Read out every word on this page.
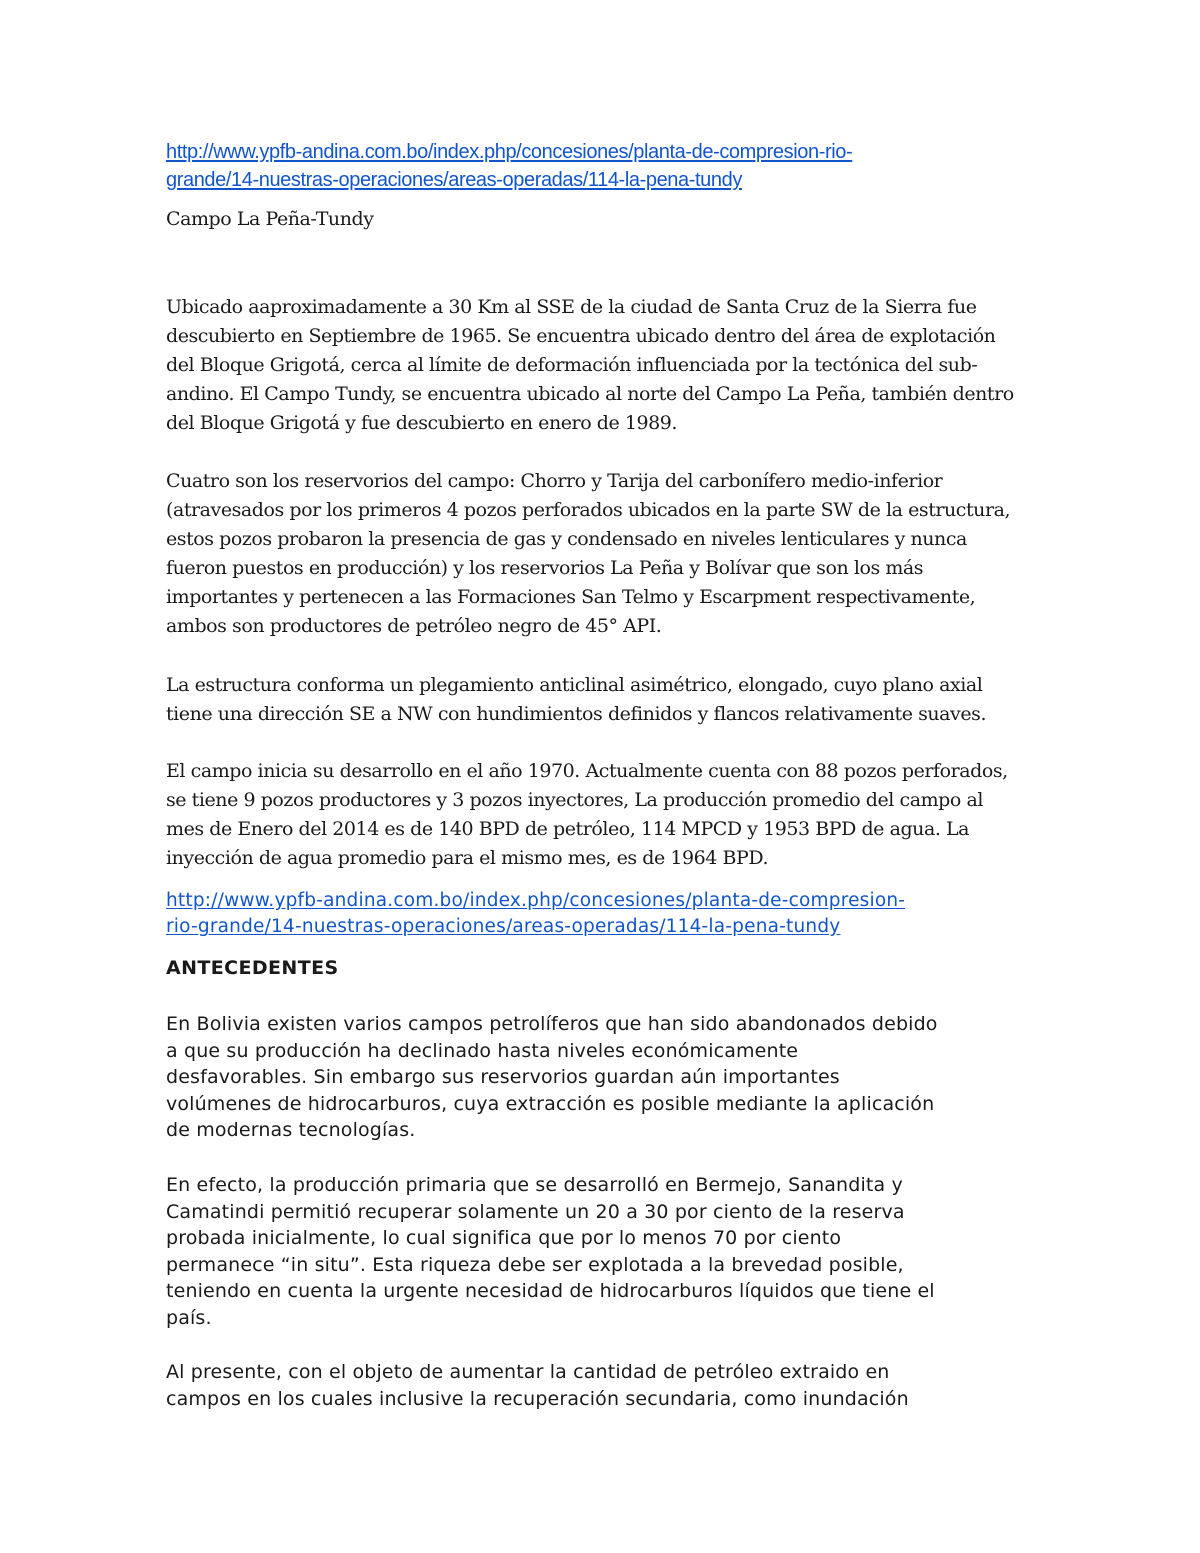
http://www.ypfb-andina.com.bo/index.php/concesiones/planta-de-compresion-rio-
grande/14-nuestras-operaciones/areas-operadas/114-la-pena-tundy
Campo La Peña-Tundy
Ubicado aaproximadamente a 30 Km al SSE de la ciudad de Santa Cruz de la Sierra fue
descubierto en Septiembre de 1965. Se encuentra ubicado dentro del área de explotación
del Bloque Grigotá, cerca al límite de deformación influenciada por la tectónica del sub-
andino. El Campo Tundy, se encuentra ubicado al norte del Campo La Peña, también dentro
del Bloque Grigotá y fue descubierto en enero de 1989.
Cuatro son los reservorios del campo: Chorro y Tarija del carbonífero medio-inferior
(atravesados por los primeros 4 pozos perforados ubicados en la parte SW de la estructura,
estos pozos probaron la presencia de gas y condensado en niveles lenticulares y nunca
fueron puestos en producción) y los reservorios La Peña y Bolívar que son los más
importantes y pertenecen a las Formaciones San Telmo y Escarpment respectivamente,
ambos son productores de petróleo negro de 45° API.
La estructura conforma un plegamiento anticlinal asimétrico, elongado, cuyo plano axial
tiene una dirección SE a NW con hundimientos definidos y flancos relativamente suaves.
El campo inicia su desarrollo en el año 1970. Actualmente cuenta con 88 pozos perforados,
se tiene 9 pozos productores y 3 pozos inyectores, La producción promedio del campo al
mes de Enero del 2014 es de 140 BPD de petróleo, 114 MPCD y 1953 BPD de agua. La
inyección de agua promedio para el mismo mes, es de 1964 BPD.
http://www.ypfb-andina.com.bo/index.php/concesiones/planta-de-compresion-
rio-grande/14-nuestras-operaciones/areas-operadas/114-la-pena-tundy
ANTECEDENTES
En Bolivia existen varios campos petrolíferos que han sido abandonados debido
a que su producción ha declinado hasta niveles económicamente
desfavorables. Sin embargo sus reservorios guardan aún importantes
volúmenes de hidrocarburos, cuya extracción es posible mediante la aplicación
de modernas tecnologías.
En efecto, la producción primaria que se desarrolló en Bermejo, Sanandita y
Camatindi permitió recuperar solamente un 20 a 30 por ciento de la reserva
probada inicialmente, lo cual significa que por lo menos 70 por ciento
permanece “in situ”. Esta riqueza debe ser explotada a la brevedad posible,
teniendo en cuenta la urgente necesidad de hidrocarburos líquidos que tiene el
país.
Al presente, con el objeto de aumentar la cantidad de petróleo extraido en
campos en los cuales inclusive la recuperación secundaria, como inundación
